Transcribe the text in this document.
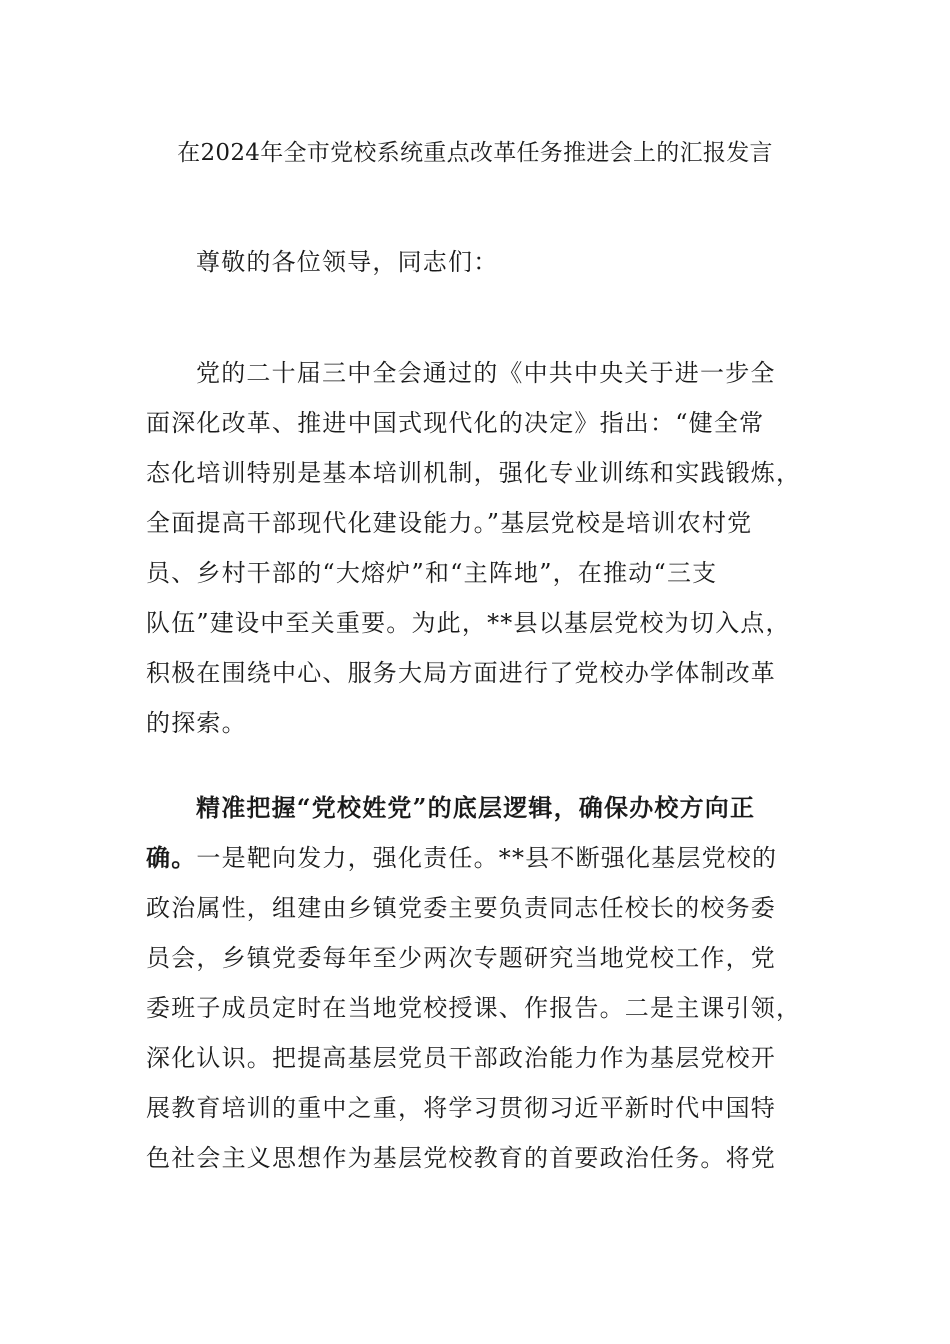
在2024年全市党校系统重点改革任务推进会上的汇报发言
尊敬的各位领导，同志们：
党的二十届三中全会通过的《中共中央关于进一步全
面深化改革、推进中国式现代化的决定》指出：“健全常
态化培训特别是基本培训机制，强化专业训练和实践锻炼，
全面提高干部现代化建设能力。”基层党校是培训农村党
员、乡村干部的“大熔炉”和“主阵地”，在推动“三支
队伍”建设中至关重要。为此，**县以基层党校为切入点，
积极在围绕中心、服务大局方面进行了党校办学体制改革
的探索。
精准把握“党校姓党”的底层逻辑，确保办校方向正
确。一是靶向发力，强化责任。**县不断强化基层党校的
政治属性，组建由乡镇党委主要负责同志任校长的校务委
员会，乡镇党委每年至少两次专题研究当地党校工作，党
委班子成员定时在当地党校授课、作报告。二是主课引领，
深化认识。把提高基层党员干部政治能力作为基层党校开
展教育培训的重中之重，将学习贯彻习近平新时代中国特
色社会主义思想作为基层党校教育的首要政治任务。将党
